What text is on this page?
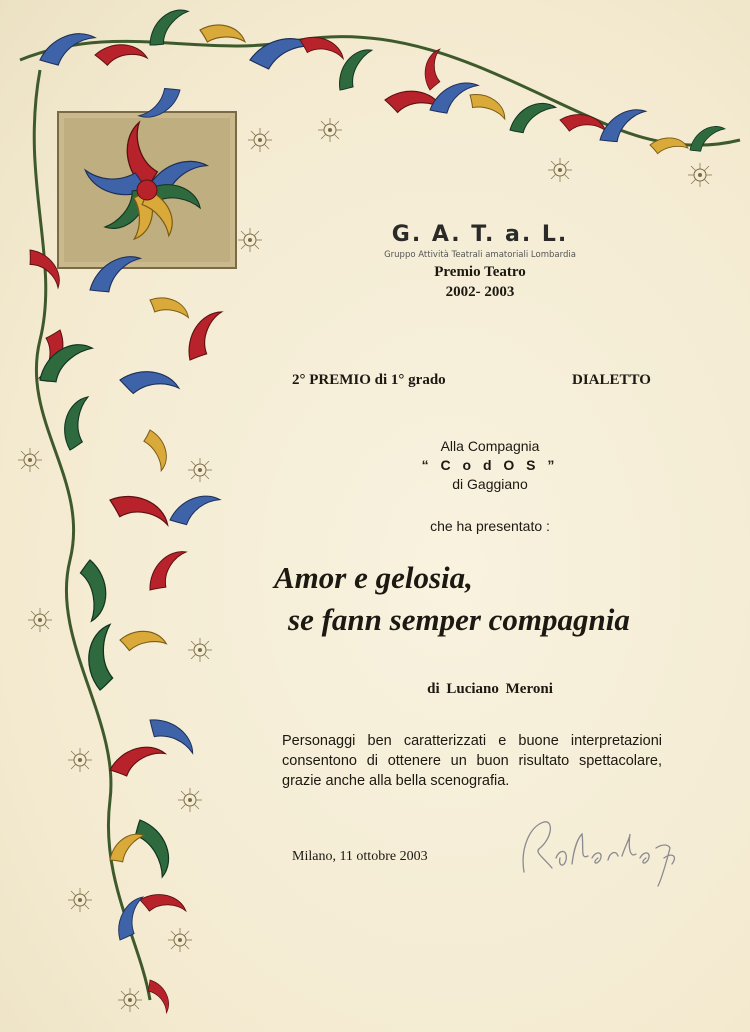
G. A. T. a. L.
Gruppo Attività Teatrali amatoriali Lombardia
Premio Teatro
2002- 2003
2° PREMIO di 1° grado	DIALETTO
Alla Compagnia
“ C o d O S ”
di Gaggiano
che ha presentato :
Amor e gelosia,
se fann semper compagnia
di Luciano Meroni
Personaggi ben caratterizzati e buone interpretazioni consentono di ottenere un buon risultato spettacolare, grazie anche alla bella scenografia.
Milano, 11 ottobre 2003
